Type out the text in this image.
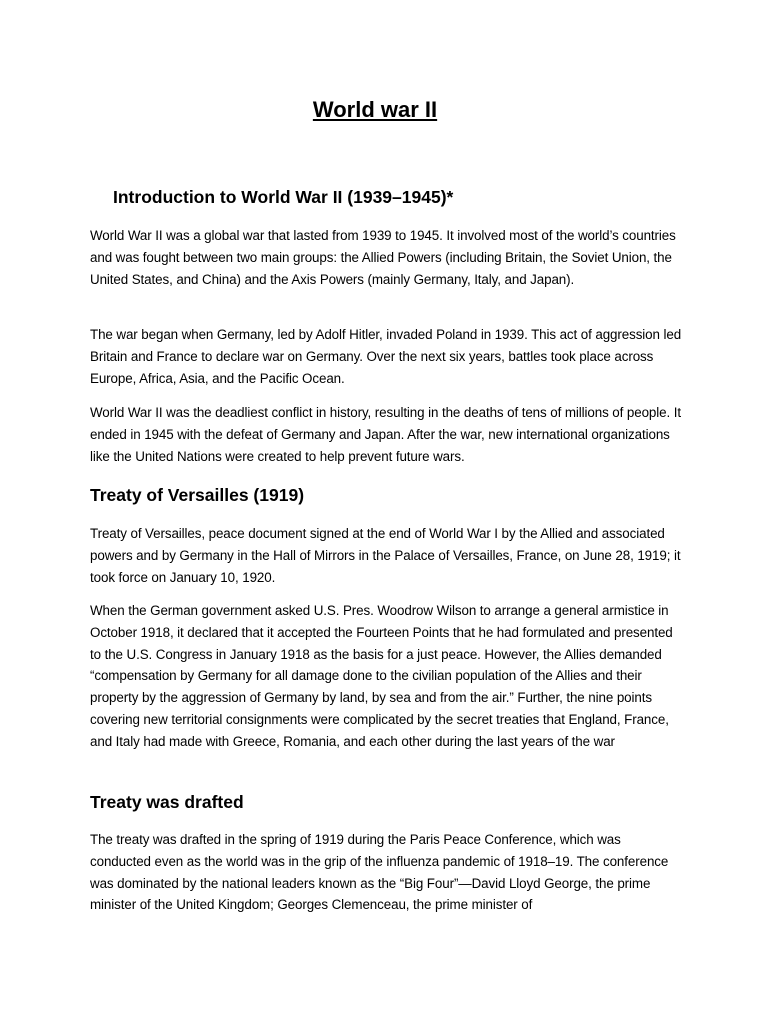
World war II
Introduction to World War II (1939–1945)*

World War II was a global war that lasted from 1939 to 1945. It involved most of the world’s countries and was fought between two main groups: the Allied Powers (including Britain, the Soviet Union, the United States, and China) and the Axis Powers (mainly Germany, Italy, and Japan).

The war began when Germany, led by Adolf Hitler, invaded Poland in 1939. This act of aggression led Britain and France to declare war on Germany. Over the next six years, battles took place across Europe, Africa, Asia, and the Pacific Ocean.

World War II was the deadliest conflict in history, resulting in the deaths of tens of millions of people. It ended in 1945 with the defeat of Germany and Japan. After the war, new international organizations like the United Nations were created to help prevent future wars.

Treaty of Versailles (1919)

Treaty of Versailles, peace document signed at the end of World War I by the Allied and associated powers and by Germany in the Hall of Mirrors in the Palace of Versailles, France, on June 28, 1919; it took force on January 10, 1920.

When the German government asked U.S. Pres. Woodrow Wilson to arrange a general armistice in October 1918, it declared that it accepted the Fourteen Points that he had formulated and presented to the U.S. Congress in January 1918 as the basis for a just peace. However, the Allies demanded “compensation by Germany for all damage done to the civilian population of the Allies and their property by the aggression of Germany by land, by sea and from the air.” Further, the nine points covering new territorial consignments were complicated by the secret treaties that England, France, and Italy had made with Greece, Romania, and each other during the last years of the war

Treaty was drafted

The treaty was drafted in the spring of 1919 during the Paris Peace Conference, which was conducted even as the world was in the grip of the influenza pandemic of 1918–19. The conference was dominated by the national leaders known as the “Big Four”—David Lloyd George, the prime minister of the United Kingdom; Georges Clemenceau, the prime minister of
